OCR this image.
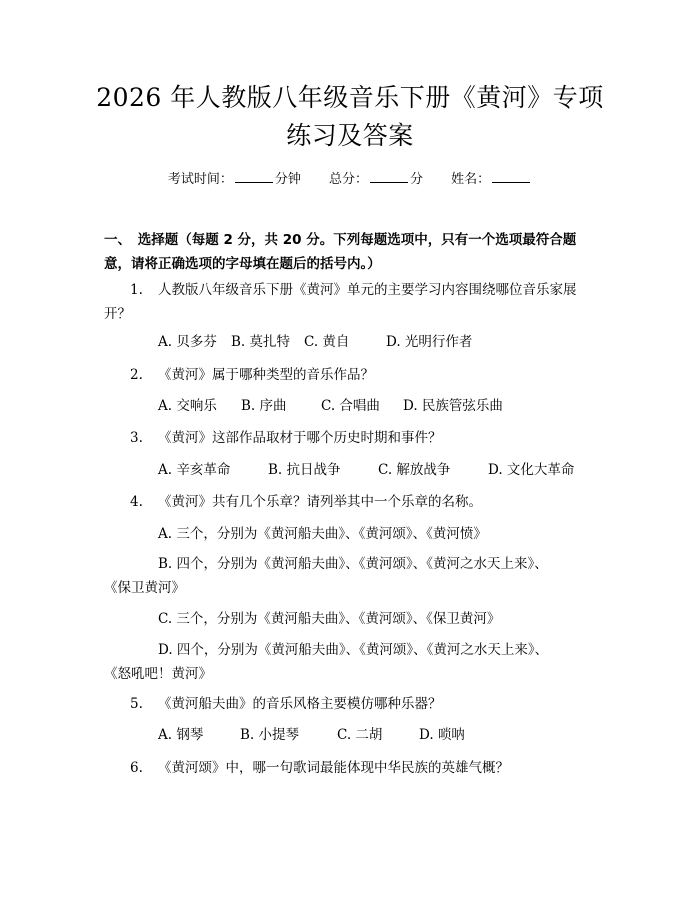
2026 年人教版八年级音乐下册《黄河》专项
练习及答案
考试时间：	分钟 总分：	分 姓名：
一、　选择题（每题 2 分，共 20 分。下列每题选项中，只有一个选项最符合题
意，请将正确选项的字母填在题后的括号内。）
1. 人教版八年级音乐下册《黄河》单元的主要学习内容围绕哪位音乐家展
开？
A. 贝多芬 B. 莫扎特 C. 黄自	D. 光明行作者
2. 《黄河》属于哪种类型的音乐作品？
A. 交响乐 B. 序曲	C. 合唱曲 D. 民族管弦乐曲
3. 《黄河》这部作品取材于哪个历史时期和事件？
A. 辛亥革命	B. 抗日战争	C. 解放战争	D. 文化大革命
4. 《黄河》共有几个乐章？请列举其中一个乐章的名称。
A. 三个，分别为《黄河船夫曲》、《黄河颂》、《黄河愤》
B. 四个，分别为《黄河船夫曲》、《黄河颂》、《黄河之水天上来》、
《保卫黄河》
C. 三个，分别为《黄河船夫曲》、《黄河颂》、《保卫黄河》
D. 四个，分别为《黄河船夫曲》、《黄河颂》、《黄河之水天上来》、
《怒吼吧！黄河》
5. 《黄河船夫曲》的音乐风格主要模仿哪种乐器？
A. 钢琴	B. 小提琴	C. 二胡	D. 唢呐
6. 《黄河颂》中，哪一句歌词最能体现中华民族的英雄气概？
